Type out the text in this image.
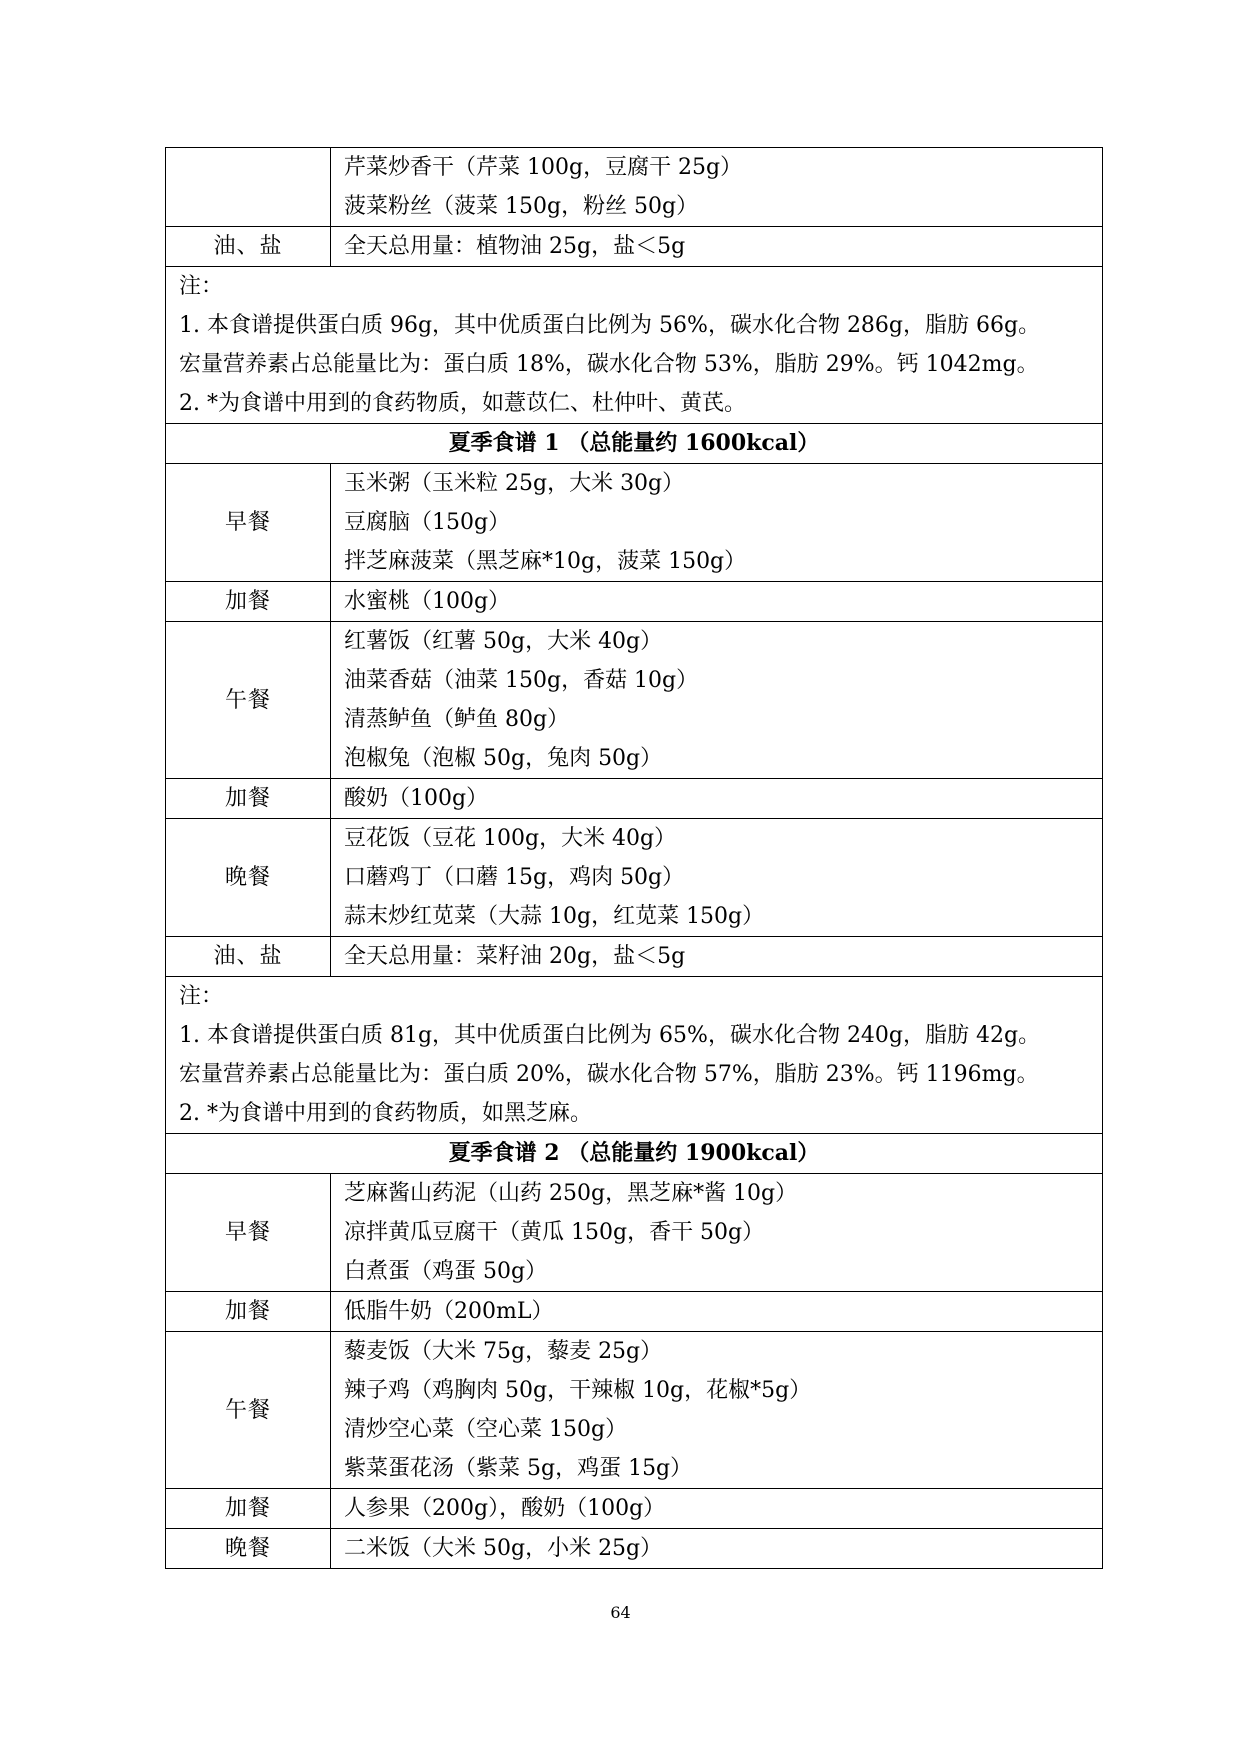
	芹菜炒香干（芹菜 100g，豆腐干 25g）
菠菜粉丝（菠菜 150g，粉丝 50g）

油、盐	全天总用量：植物油 25g，盐＜5g

注：
1. 本食谱提供蛋白质 96g，其中优质蛋白比例为 56%，碳水化合物 286g，脂肪 66g。
宏量营养素占总能量比为：蛋白质 18%，碳水化合物 53%，脂肪 29%。钙 1042mg。
2. *为食谱中用到的食药物质，如薏苡仁、杜仲叶、黄芪。	

夏季食谱 1 （总能量约 1600kcal）	
早餐	玉米粥（玉米粒 25g，大米 30g）
豆腐脑（150g）
拌芝麻菠菜（黑芝麻*10g，菠菜 150g）

加餐	水蜜桃（100g）

午餐	红薯饭（红薯 50g，大米 40g）
油菜香菇（油菜 150g，香菇 10g）
清蒸鲈鱼（鲈鱼 80g）
泡椒兔（泡椒 50g，兔肉 50g）

加餐	酸奶（100g）

晚餐	豆花饭（豆花 100g，大米 40g）
口蘑鸡丁（口蘑 15g，鸡肉 50g）
蒜末炒红苋菜（大蒜 10g，红苋菜 150g）

油、盐	全天总用量：菜籽油 20g，盐＜5g

注：
1. 本食谱提供蛋白质 81g，其中优质蛋白比例为 65%，碳水化合物 240g，脂肪 42g。
宏量营养素占总能量比为：蛋白质 20%，碳水化合物 57%，脂肪 23%。钙 1196mg。
2. *为食谱中用到的食药物质，如黑芝麻。	

夏季食谱 2 （总能量约 1900kcal）	
早餐	芝麻酱山药泥（山药 250g，黑芝麻*酱 10g）
凉拌黄瓜豆腐干（黄瓜 150g，香干 50g）
白煮蛋（鸡蛋 50g）

加餐	低脂牛奶（200mL）

午餐	藜麦饭（大米 75g，藜麦 25g）
辣子鸡（鸡胸肉 50g，干辣椒 10g，花椒*5g）
清炒空心菜（空心菜 150g）
紫菜蛋花汤（紫菜 5g，鸡蛋 15g）

加餐	人参果（200g），酸奶（100g）

晚餐	二米饭（大米 50g，小米 25g）
64
